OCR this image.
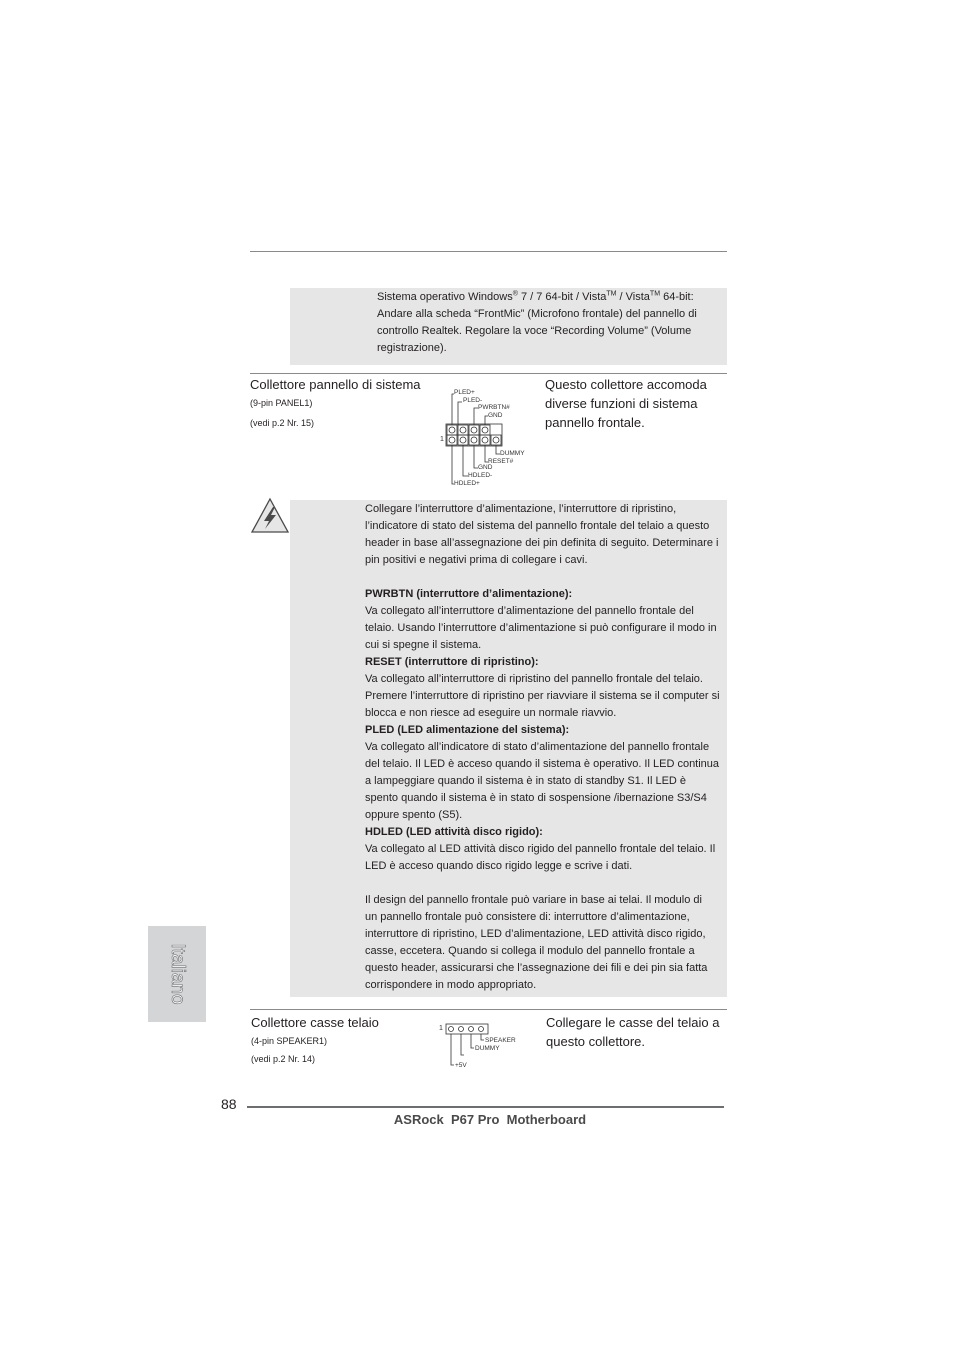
Sistema operativo Windows® 7 / 7 64-bit / Vista™ / Vista™ 64-bit:
Andare alla scheda “FrontMic” (Microfono frontale) del pannello di
controllo Realtek. Regolare la voce “Recording Volume” (Volume
registrazione).
Collettore pannello di sistema
(9-pin PANEL1)
(vedi p.2 Nr. 15)
Questo collettore accomoda
diverse funzioni di sistema
pannello frontale.
PLED+
PLED-
PWRBTN#
GND
1
DUMMY
RESET#
GND
HDLED-
HDLED+
Collegare l’interruttore d’alimentazione, l’interruttore di ripristino,
l’indicatore di stato del sistema del pannello frontale del telaio a questo
header in base all’assegnazione dei pin definita di seguito. Determinare i
pin positivi e negativi prima di collegare i cavi.
PWRBTN (interruttore d’alimentazione):
Va collegato all’interruttore d’alimentazione del pannello frontale del
telaio. Usando l’interruttore d’alimentazione si può configurare il modo in
cui si spegne il sistema.
RESET (interruttore di ripristino):
Va collegato all’interruttore di ripristino del pannello frontale del telaio.
Premere l’interruttore di ripristino per riavviare il sistema se il computer si
blocca e non riesce ad eseguire un normale riavvio.
PLED (LED alimentazione del sistema):
Va collegato all’indicatore di stato d’alimentazione del pannello frontale
del telaio. Il LED è acceso quando il sistema è operativo. Il LED continua
a lampeggiare quando il sistema è in stato di standby S1. Il LED è
spento quando il sistema è in stato di sospensione /ibernazione S3/S4
oppure spento (S5).
HDLED (LED attività disco rigido):
Va collegato al LED attività disco rigido del pannello frontale del telaio. Il
LED è acceso quando disco rigido legge e scrive i dati.
Il design del pannello frontale può variare in base ai telai. Il modulo di
un pannello frontale può consistere di: interruttore d’alimentazione,
interruttore di ripristino, LED d’alimentazione, LED attività disco rigido,
casse, eccetera. Quando si collega il modulo del pannello frontale a
questo header, assicurarsi che l’assegnazione dei fili e dei pin sia fatta
corrispondere in modo appropriato.
Italiano
Collettore casse telaio
(4-pin SPEAKER1)
(vedi p.2 Nr. 14)
Collegare le casse del telaio a
questo collettore.
1
SPEAKER
DUMMY
+5V
88
ASRock  P67 Pro  Motherboard
